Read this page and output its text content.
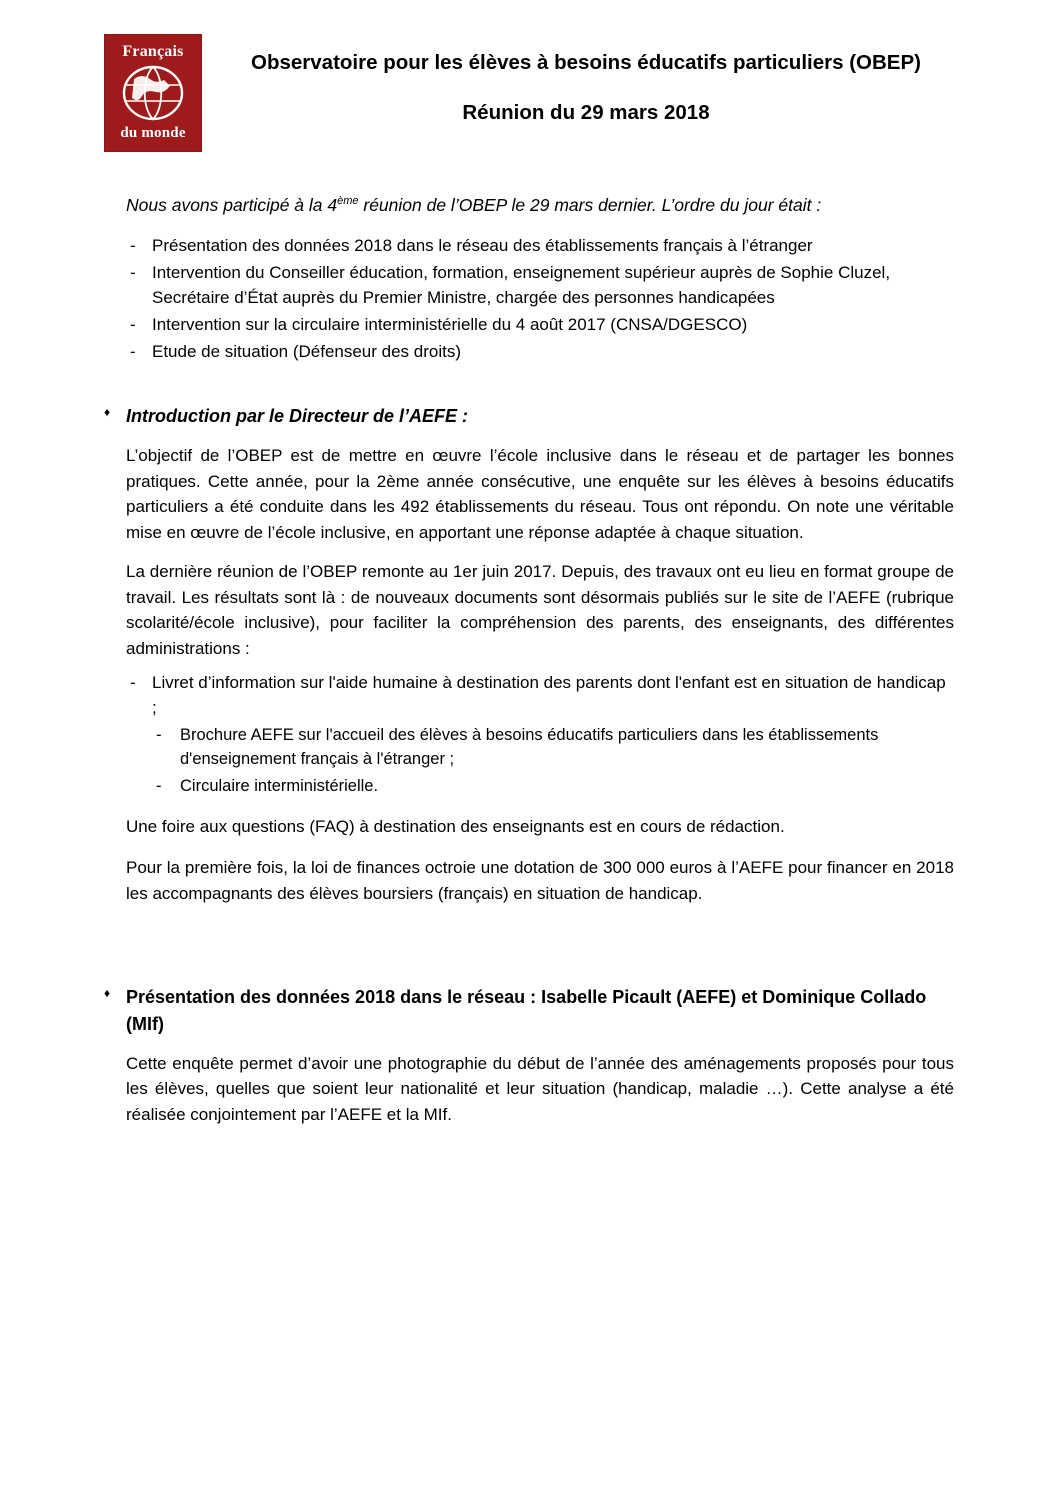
Français
du monde
Observatoire pour les élèves à besoins éducatifs particuliers (OBEP)
Réunion du 29 mars 2018
Nous avons participé à la 4ème réunion de l’OBEP le 29 mars dernier. L’ordre du jour était :
- Présentation des données 2018 dans le réseau des établissements français à l’étranger
- Intervention du Conseiller éducation, formation, enseignement supérieur auprès de Sophie Cluzel, Secrétaire d’État auprès du Premier Ministre, chargée des personnes handicapées
- Intervention sur la circulaire interministérielle du 4 août 2017 (CNSA/DGESCO)
- Etude de situation (Défenseur des droits)
♦ Introduction par le Directeur de l’AEFE :

L’objectif de l’OBEP est de mettre en œuvre l’école inclusive dans le réseau et de partager les bonnes pratiques. Cette année, pour la 2ème année consécutive, une enquête sur les élèves à besoins éducatifs particuliers a été conduite dans les 492 établissements du réseau. Tous ont répondu. On note une véritable mise en œuvre de l’école inclusive, en apportant une réponse adaptée à chaque situation.

La dernière réunion de l’OBEP remonte au 1er juin 2017. Depuis, des travaux ont eu lieu en format groupe de travail. Les résultats sont là : de nouveaux documents sont désormais publiés sur le site de l’AEFE (rubrique scolarité/école inclusive), pour faciliter la compréhension des parents, des enseignants, des différentes administrations :

- Livret d’information sur l'aide humaine à destination des parents dont l'enfant est en situation de handicap ;
- Brochure AEFE sur l'accueil des élèves à besoins éducatifs particuliers dans les établissements d'enseignement français à l'étranger ;
- Circulaire interministérielle.

Une foire aux questions (FAQ) à destination des enseignants est en cours de rédaction.

Pour la première fois, la loi de finances octroie une dotation de 300 000 euros à l’AEFE pour financer en 2018 les accompagnants des élèves boursiers (français) en situation de handicap.

♦ Présentation des données 2018 dans le réseau : Isabelle Picault (AEFE) et Dominique Collado (MIf)

Cette enquête permet d’avoir une photographie du début de l’année des aménagements proposés pour tous les élèves, quelles que soient leur nationalité et leur situation (handicap, maladie …). Cette analyse a été réalisée conjointement par l’AEFE et la MIf.
